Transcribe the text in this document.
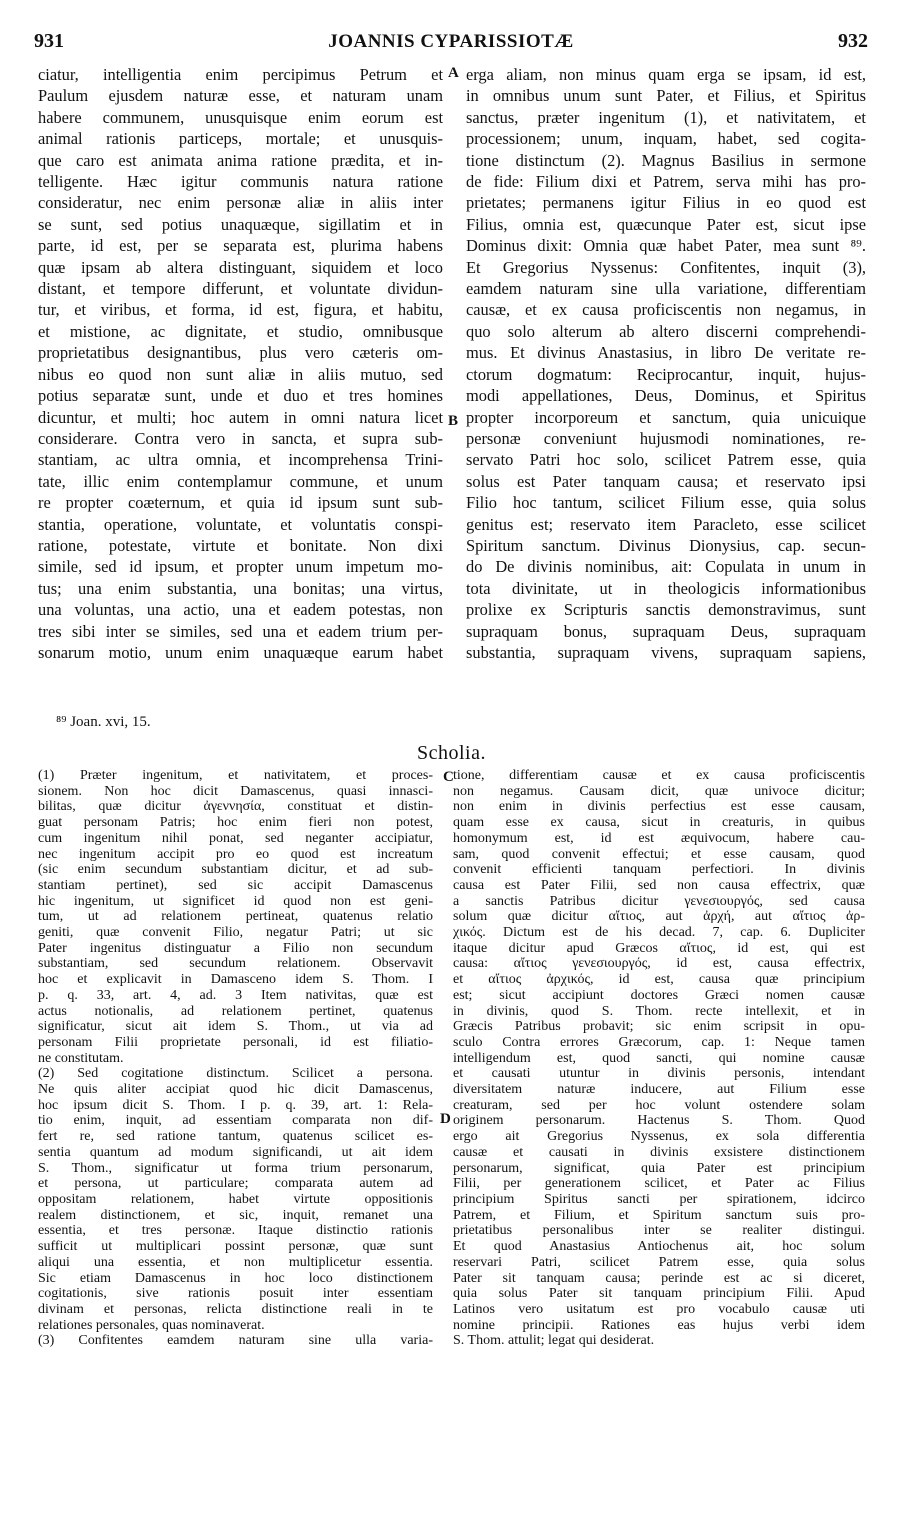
931	JOANNIS CYPARISSIOTÆ	932
A
B
C
D

ciatur, intelligentia enim percipimus Petrum et
Paulum ejusdem naturæ esse, et naturam unam
habere communem, unusquisque enim eorum est
animal rationis particeps, mortale; et unusquis-
que caro est animata anima ratione prædita, et in-
telligente. Hæc igitur communis natura ratione
consideratur, nec enim personæ aliæ in aliis inter
se sunt, sed potius unaquæque, sigillatim et in
parte, id est, per se separata est, plurima habens
quæ ipsam ab altera distinguant, siquidem et loco
distant, et tempore differunt, et voluntate dividun-
tur, et viribus, et forma, id est, figura, et habitu,
et mistione, ac dignitate, et studio, omnibusque
proprietatibus designantibus, plus vero cæteris om-
nibus eo quod non sunt aliæ in aliis mutuo, sed
potius separatæ sunt, unde et duo et tres homines
dicuntur, et multi; hoc autem in omni natura licet
considerare. Contra vero in sancta, et supra sub-
stantiam, ac ultra omnia, et incomprehensa Trini-
tate, illic enim contemplamur commune, et unum
re propter coæternum, et quia id ipsum sunt sub-
stantia, operatione, voluntate, et voluntatis conspi-
ratione, potestate, virtute et bonitate. Non dixi
simile, sed id ipsum, et propter unum impetum mo-
tus; una enim substantia, una bonitas; una virtus,
una voluntas, una actio, una et eadem potestas, non
tres sibi inter se similes, sed una et eadem trium per-
sonarum motio, unum enim unaquæque earum habet

erga aliam, non minus quam erga se ipsam, id est,
in omnibus unum sunt Pater, et Filius, et Spiritus
sanctus, præter ingenitum (1), et nativitatem, et
processionem; unum, inquam, habet, sed cogita-
tione distinctum (2). Magnus Basilius in sermone
de fide: Filium dixi et Patrem, serva mihi has pro-
prietates; permanens igitur Filius in eo quod est
Filius, omnia est, quæcunque Pater est, sicut ipse
Dominus dixit: Omnia quæ habet Pater, mea sunt ⁸⁹.
Et Gregorius Nyssenus: Confitentes, inquit (3),
eamdem naturam sine ulla variatione, differentiam
causæ, et ex causa proficiscentis non negamus, in
quo solo alterum ab altero discerni comprehendi-
mus. Et divinus Anastasius, in libro De veritate re-
ctorum dogmatum: Reciprocantur, inquit, hujus-
modi appellationes, Deus, Dominus, et Spiritus
propter incorporeum et sanctum, quia unicuique
personæ conveniunt hujusmodi nominationes, re-
servato Patri hoc solo, scilicet Patrem esse, quia
solus est Pater tanquam causa; et reservato ipsi
Filio hoc tantum, scilicet Filium esse, quia solus
genitus est; reservato item Paracleto, esse scilicet
Spiritum sanctum. Divinus Dionysius, cap. secun-
do De divinis nominibus, ait: Copulata in unum in
tota divinitate, ut in theologicis informationibus
prolixe ex Scripturis sanctis demonstravimus, sunt
supraquam bonus, supraquam Deus, supraquam
substantia, supraquam vivens, supraquam sapiens,

⁸⁹ Joan. xvi, 15.
Scholia.

(1) Præter ingenitum, et nativitatem, et proces-
sionem. Non hoc dicit Damascenus, quasi innasci-
bilitas, quæ dicitur ἀγεννησία, constituat et distin-
guat personam Patris; hoc enim fieri non potest,
cum ingenitum nihil ponat, sed neganter accipiatur,
nec ingenitum accipit pro eo quod est increatum
(sic enim secundum substantiam dicitur, et ad sub-
stantiam pertinet), sed sic accipit Damascenus
hic ingenitum, ut significet id quod non est geni-
tum, ut ad relationem pertineat, quatenus relatio
geniti, quæ convenit Filio, negatur Patri; ut sic
Pater ingenitus distinguatur a Filio non secundum
substantiam, sed secundum relationem. Observavit
hoc et explicavit in Damasceno idem S. Thom. I
p. q. 33, art. 4, ad. 3 Item nativitas, quæ est
actus notionalis, ad relationem pertinet, quatenus
significatur, sicut ait idem S. Thom., ut via ad
personam Filii proprietate personali, id est filiatio-
ne constitutam.
(2) Sed cogitatione distinctum. Scilicet a persona.
Ne quis aliter accipiat quod hic dicit Damascenus,
hoc ipsum dicit S. Thom. I p. q. 39, art. 1: Rela-
tio enim, inquit, ad essentiam comparata non dif-
fert re, sed ratione tantum, quatenus scilicet es-
sentia quantum ad modum significandi, ut ait idem
S. Thom., significatur ut forma trium personarum,
et persona, ut particulare; comparata autem ad
oppositam relationem, habet virtute oppositionis
realem distinctionem, et sic, inquit, remanet una
essentia, et tres personæ. Itaque distinctio rationis
sufficit ut multiplicari possint personæ, quæ sunt
aliqui una essentia, et non multiplicetur essentia.
Sic etiam Damascenus in hoc loco distinctionem
cogitationis, sive rationis posuit inter essentiam
divinam et personas, relicta distinctione reali in te
relationes personales, quas nominaverat.
(3) Confitentes eamdem naturam sine ulla varia-

tione, differentiam causæ et ex causa proficiscentis
non negamus. Causam dicit, quæ univoce dicitur;
non enim in divinis perfectius est esse causam,
quam esse ex causa, sicut in creaturis, in quibus
homonymum est, id est æquivocum, habere cau-
sam, quod convenit effectui; et esse causam, quod
convenit efficienti tanquam perfectiori. In divinis
causa est Pater Filii, sed non causa effectrix, quæ
a sanctis Patribus dicitur γενεσιουργός, sed causa
solum quæ dicitur αἴτιος, aut ἀρχή, aut αἴτιος ἀρ-
χικός. Dictum est de his decad. 7, cap. 6. Dupliciter
itaque dicitur apud Græcos αἴτιος, id est, qui est
causa: αἴτιος γενεσιουργός, id est, causa effectrix,
et αἴτιος ἀρχικός, id est, causa quæ principium
est; sicut accipiunt doctores Græci nomen causæ
in divinis, quod S. Thom. recte intellexit, et in
Græcis Patribus probavit; sic enim scripsit in opu-
sculo Contra errores Græcorum, cap. 1: Neque tamen
intelligendum est, quod sancti, qui nomine causæ
et causati utuntur in divinis personis, intendant
diversitatem naturæ inducere, aut Filium esse
creaturam, sed per hoc volunt ostendere solam
originem personarum. Hactenus S. Thom. Quod
ergo ait Gregorius Nyssenus, ex sola differentia
causæ et causati in divinis exsistere distinctionem
personarum, significat, quia Pater est principium
Filii, per generationem scilicet, et Pater ac Filius
principium Spiritus sancti per spirationem, idcirco
Patrem, et Filium, et Spiritum sanctum suis pro-
prietatibus personalibus inter se realiter distingui.
Et quod Anastasius Antiochenus ait, hoc solum
reservari Patri, scilicet Patrem esse, quia solus
Pater sit tanquam causa; perinde est ac si diceret,
quia solus Pater sit tanquam principium Filii. Apud
Latinos vero usitatum est pro vocabulo causæ uti
nomine principii. Rationes eas hujus verbi idem
S. Thom. attulit; legat qui desiderat.
